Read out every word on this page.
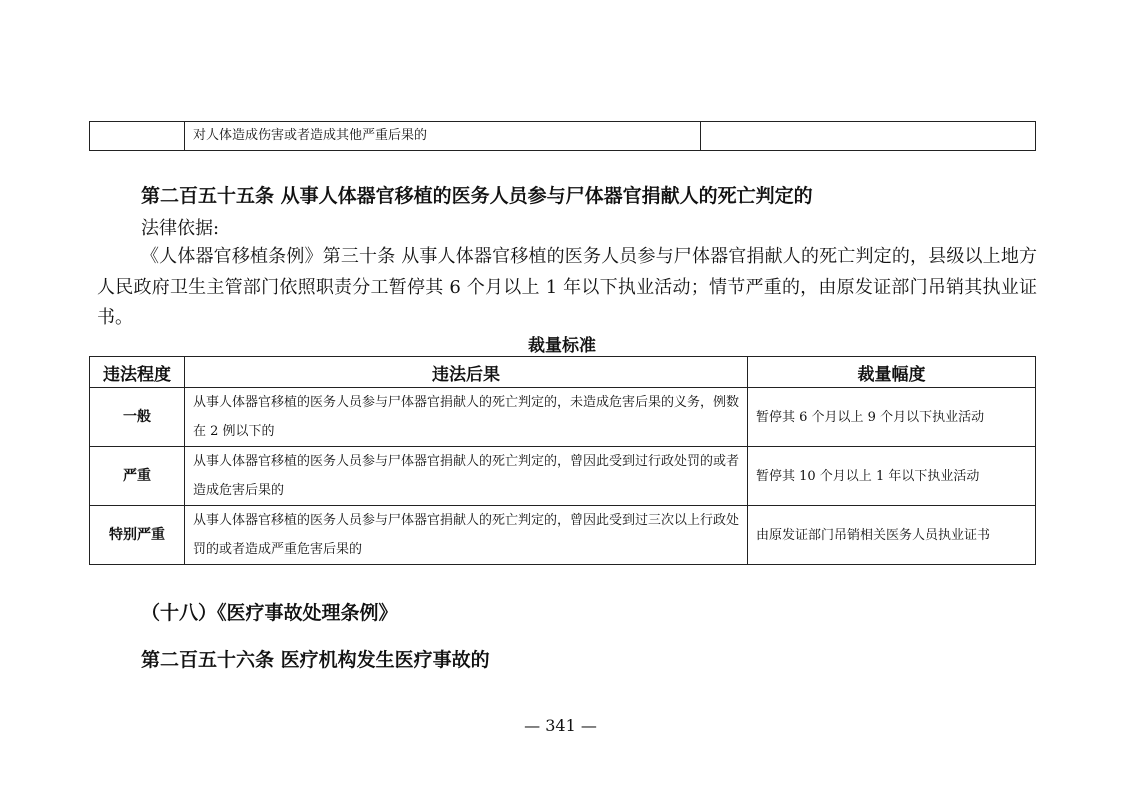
	对人体造成伤害或者造成其他严重后果的	
第二百五十五条 从事人体器官移植的医务人员参与尸体器官捐献人的死亡判定的
法律依据:

《人体器官移植条例》第三十条 从事人体器官移植的医务人员参与尸体器官捐献人的死亡判定的，县级以上地方人民政府卫生主管部门依照职责分工暂停其 6 个月以上 1 年以下执业活动；情节严重的，由原发证部门吊销其执业证书。

裁量标准
违法程度	违法后果	裁量幅度
一般	从事人体器官移植的医务人员参与尸体器官捐献人的死亡判定的，未造成危害后果的义务，例数在 2 例以下的	暂停其 6 个月以上 9 个月以下执业活动
严重	从事人体器官移植的医务人员参与尸体器官捐献人的死亡判定的，曾因此受到过行政处罚的或者造成危害后果的	暂停其 10 个月以上 1 年以下执业活动
特别严重	从事人体器官移植的医务人员参与尸体器官捐献人的死亡判定的，曾因此受到过三次以上行政处罚的或者造成严重危害后果的	由原发证部门吊销相关医务人员执业证书
（十八）《医疗事故处理条例》
第二百五十六条 医疗机构发生医疗事故的
— 341 —
